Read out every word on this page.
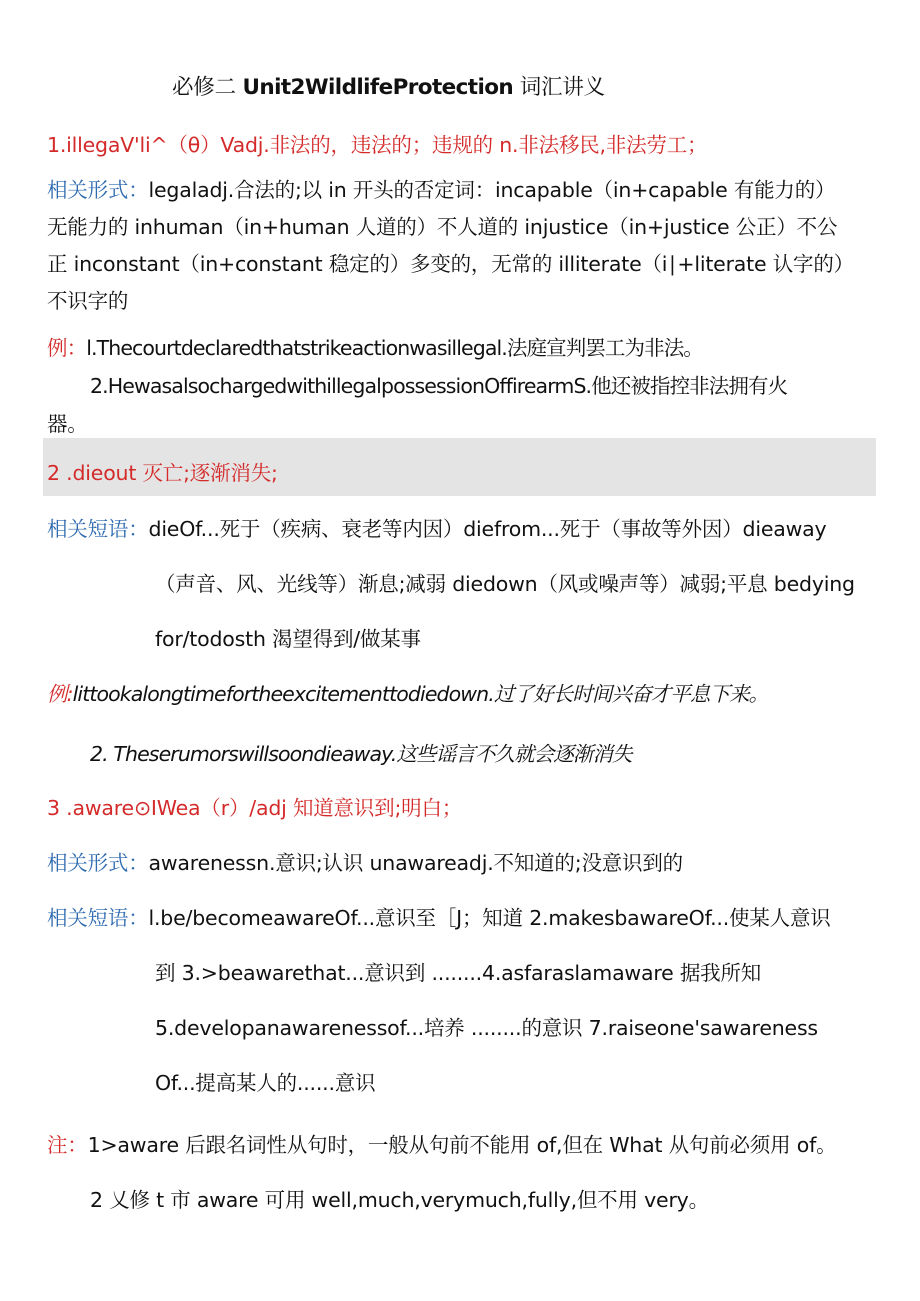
必修二 Unit2WildlifeProtection 词汇讲义
1.illegaV'li^（θ）Vadj.非法的，违法的；违规的 n.非法移民,非法劳工；
相关形式：legaladj.合法的;以 in 开头的否定词：incapable（in+capable 有能力的）
无能力的 inhuman（in+human 人道的）不人道的 injustice（in+justice 公正）不公
正 inconstant（in+constant 稳定的）多变的，无常的 illiterate（i∣+literate 认字的）
不识字的
例：l.Thecourtdeclaredthatstrikeactionwasillegal.法庭宣判罢工为非法。
2.HewasalsochargedwithillegalpossessionOffirearmS.他还被指控非法拥有火
器。
2 .dieout 灭亡;逐渐消失;
相关短语：dieOf...死于（疾病、衰老等内因）diefrom...死于（事故等外因）dieaway
（声音、风、光线等）渐息;减弱 diedown（风或噪声等）减弱;平息 bedying
for/todosth 渴望得到/做某事
例:littookalongtimefortheexcitementtodiedown.过了好长时间兴奋才平息下来。
2. Theserumorswillsoondieaway.这些谣言不久就会逐渐消失
3 .aware⊙IWea（r）/adj 知道意识到;明白；
相关形式：awarenessn.意识;认识 unawareadj.不知道的;没意识到的
相关短语：l.be/becomeawareOf...意识至［J；知道 2.makesbawareOf...使某人意识
到 3.>beawarethat...意识到 ........4.asfaraslamaware 据我所知
5.developanawarenessof...培养 ........的意识 7.raiseone'sawareness
Of...提高某人的......意识
注：1>aware 后跟名词性从句时，一般从句前不能用 of,但在 What 从句前必须用 of。
2 乂修 t 市 aware 可用 well,much,verymuch,fully,但不用 very。
